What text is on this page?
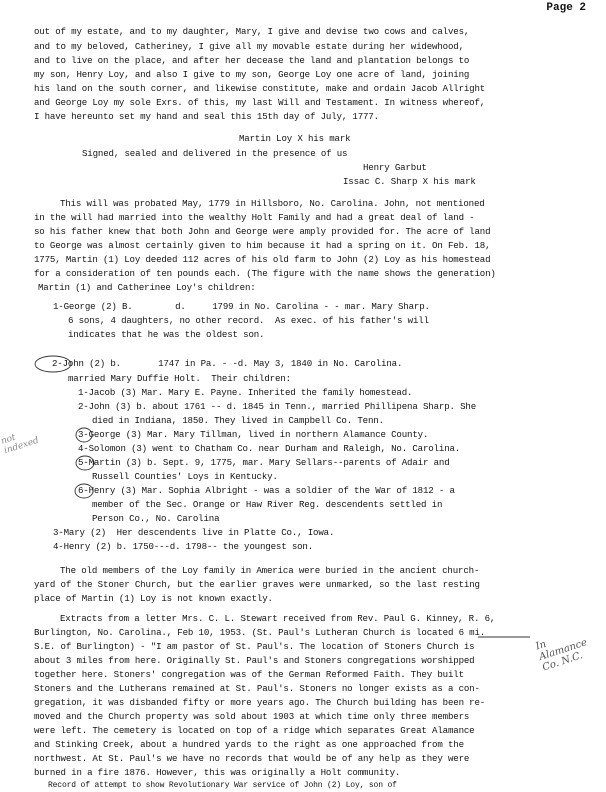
Page 2
out of my estate, and to my daughter, Mary, I give and devise two cows and calves,
and to my beloved, Catheriney, I give all my movable estate during her widewhood,
and to live on the place, and after her decease the land and plantation belongs to
my son, Henry Loy, and also I give to my son, George Loy one acre of land, joining
his land on the south corner, and likewise constitute, make and ordain Jacob Allright
and George Loy my sole Exrs. of this, my last Will and Testament. In witness whereof,
I have hereunto set my hand and seal this 15th day of July, 1777.
Martin Loy X his mark
Signed, sealed and delivered in the presence of us
Henry Garbut
Issac C. Sharp X his mark
This will was probated May, 1779 in Hillsboro, No. Carolina. John, not mentioned
in the will had married into the wealthy Holt Family and had a great deal of land -
so his father knew that both John and George were amply provided for. The acre of land
to George was almost certainly given to him because it had a spring on it. On Feb. 18,
1775, Martin (1) Loy deeded 112 acres of his old farm to John (2) Loy as his homestead
for a consideration of ten pounds each. (The figure with the name shows the generation)
Martin (1) and Catherinee Loy's children:
1-George (2) B.        d.     1799 in No. Carolina - - mar. Mary Sharp.
6 sons, 4 daughters, no other record.  As exec. of his father's will
indicates that he was the oldest son.
2-John (2) b.       1747 in Pa. - -d. May 3, 1840 in No. Carolina.
married Mary Duffie Holt.  Their children:
1-Jacob (3) Mar. Mary E. Payne. Inherited the family homestead.
2-John (3) b. about 1761 -- d. 1845 in Tenn., married Phillipena Sharp. She
died in Indiana, 1850. They lived in Campbell Co. Tenn.
3-George (3) Mar. Mary Tillman, lived in northern Alamance County.
4-Solomon (3) went to Chatham Co. near Durham and Raleigh, No. Carolina.
5-Martin (3) b. Sept. 9, 1775, mar. Mary Sellars--parents of Adair and
Russell Counties' Loys in Kentucky.
6-Henry (3) Mar. Sophia Albright - was a soldier of the War of 1812 - a
member of the Sec. Orange or Haw River Reg. descendents settled in
Person Co., No. Carolina
3-Mary (2)  Her descendents live in Platte Co., Iowa.
4-Henry (2) b. 1750---d. 1798-- the youngest son.
The old members of the Loy family in America were buried in the ancient church-
yard of the Stoner Church, but the earlier graves were unmarked, so the last resting
place of Martin (1) Loy is not known exactly.
Extracts from a letter Mrs. C. L. Stewart received from Rev. Paul G. Kinney, R. 6,
Burlington, No. Carolina., Feb 10, 1953. (St. Paul's Lutheran Church is located 6 mi.
S.E. of Burlington) - "I am pastor of St. Paul's. The location of Stoners Church is
about 3 miles from here. Originally St. Paul's and Stoners congregations worshipped
together here. Stoners' congregation was of the German Reformed Faith. They built
Stoners and the Lutherans remained at St. Paul's. Stoners no longer exists as a con-
gregation, it was disbanded fifty or more years ago. The Church building has been re-
moved and the Church property was sold about 1903 at which time only three members
were left. The cemetery is located on top of a ridge which separates Great Alamance
and Stinking Creek, about a hundred yards to the right as one approached from the
northwest. At St. Paul's we have no records that would be of any help as they were
burned in a fire 1876. However, this was originally a Holt community.
Record of attempt to show Revolutionary War service of John (2) Loy, son of
In Alamance Co. N.C.
not indexed
